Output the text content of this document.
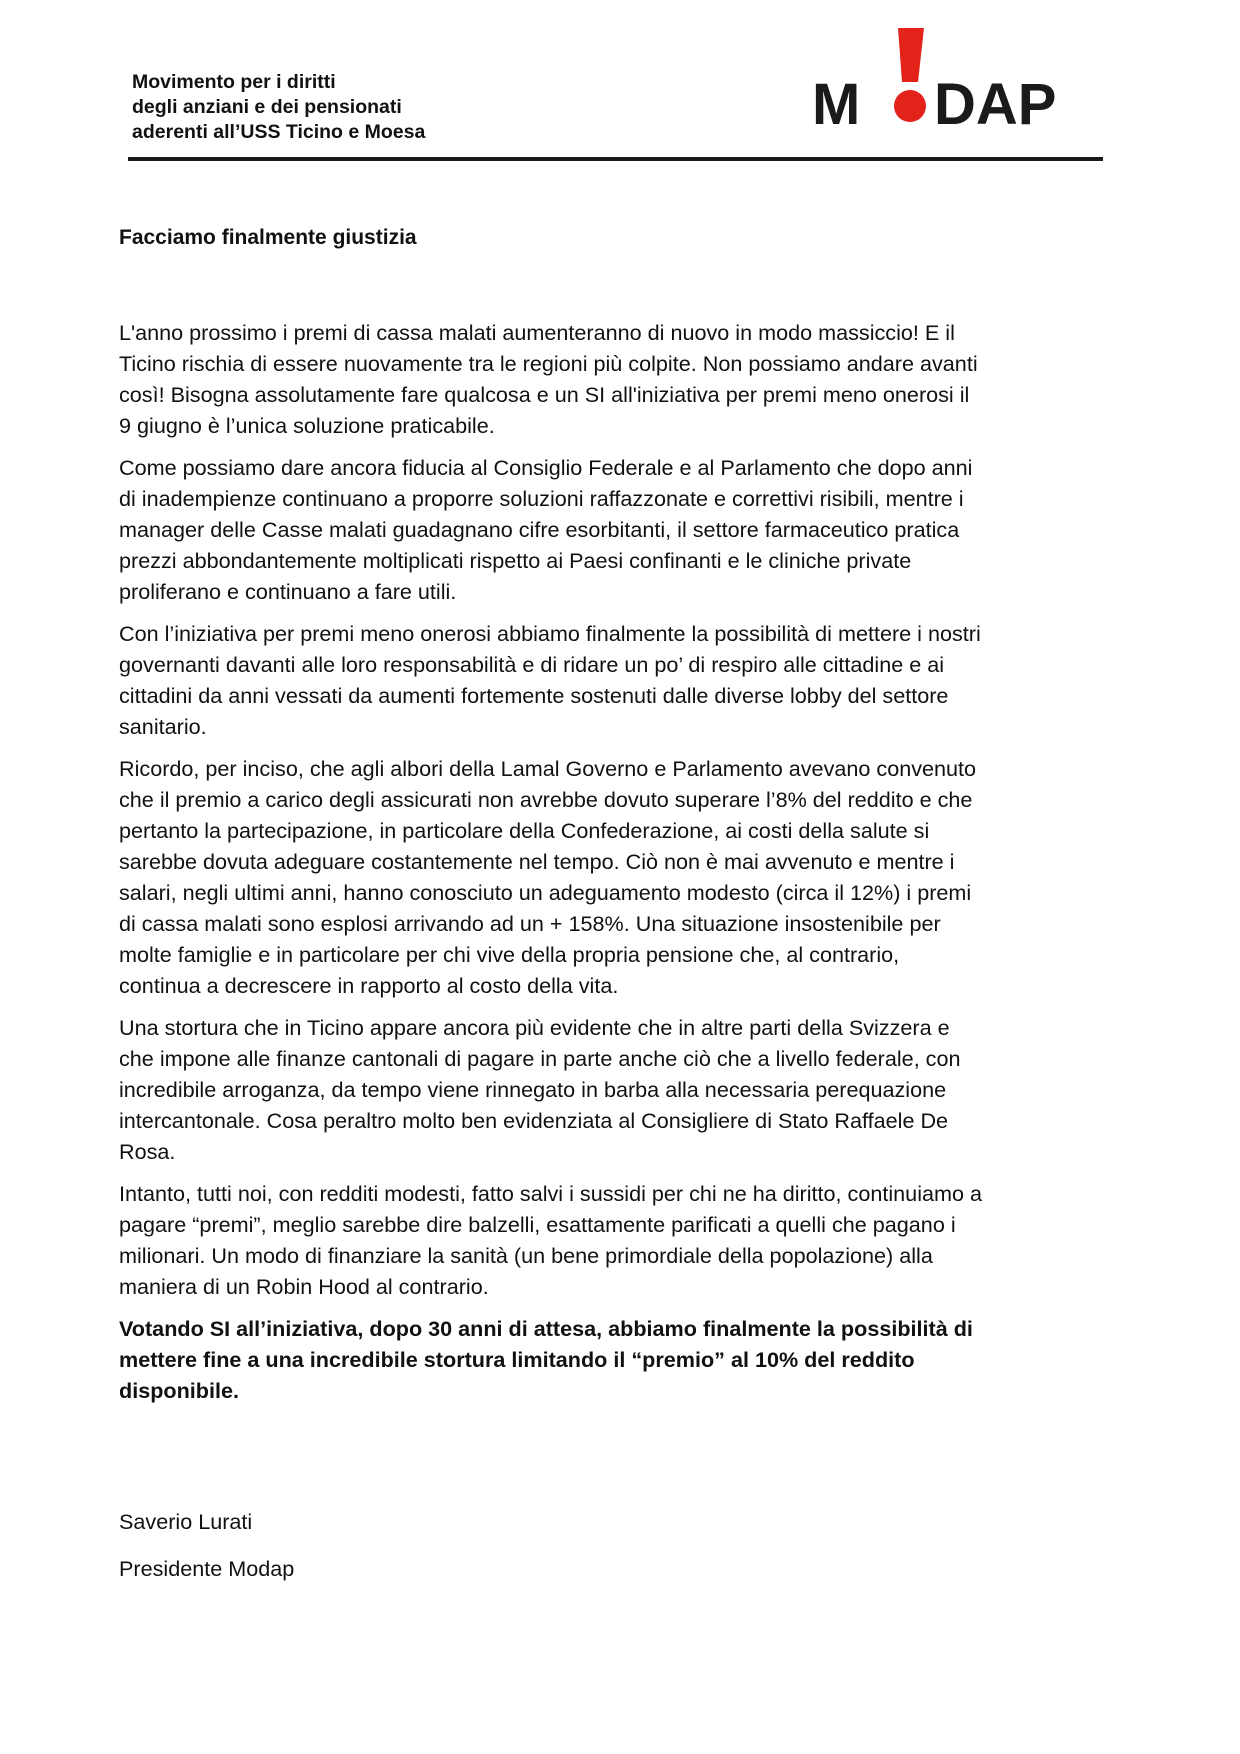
Movimento per i diritti
degli anziani e dei pensionati
aderenti all’USS Ticino e Moesa	M DAP
Facciamo finalmente giustizia

L'anno prossimo i premi di cassa malati aumenteranno di nuovo in modo massiccio! E il
Ticino rischia di essere nuovamente tra le regioni più colpite. Non possiamo andare avanti
così! Bisogna assolutamente fare qualcosa e un SI all'iniziativa per premi meno onerosi il
9 giugno è l’unica soluzione praticabile.

Come possiamo dare ancora fiducia al Consiglio Federale e al Parlamento che dopo anni
di inadempienze continuano a proporre soluzioni raffazzonate e correttivi risibili, mentre i
manager delle Casse malati guadagnano cifre esorbitanti, il settore farmaceutico pratica
prezzi abbondantemente moltiplicati rispetto ai Paesi confinanti e le cliniche private
proliferano e continuano a fare utili.

Con l’iniziativa per premi meno onerosi abbiamo finalmente la possibilità di mettere i nostri
governanti davanti alle loro responsabilità e di ridare un po’ di respiro alle cittadine e ai
cittadini da anni vessati da aumenti fortemente sostenuti dalle diverse lobby del settore
sanitario.

Ricordo, per inciso, che agli albori della Lamal Governo e Parlamento avevano convenuto
che il premio a carico degli assicurati non avrebbe dovuto superare l’8% del reddito e che
pertanto la partecipazione, in particolare della Confederazione, ai costi della salute si
sarebbe dovuta adeguare costantemente nel tempo. Ciò non è mai avvenuto e mentre i
salari, negli ultimi anni, hanno conosciuto un adeguamento modesto (circa il 12%) i premi
di cassa malati sono esplosi arrivando ad un + 158%. Una situazione insostenibile per
molte famiglie e in particolare per chi vive della propria pensione che, al contrario,
continua a decrescere in rapporto al costo della vita.

Una stortura che in Ticino appare ancora più evidente che in altre parti della Svizzera e
che impone alle finanze cantonali di pagare in parte anche ciò che a livello federale, con
incredibile arroganza, da tempo viene rinnegato in barba alla necessaria perequazione
intercantonale. Cosa peraltro molto ben evidenziata al Consigliere di Stato Raffaele De
Rosa.

Intanto, tutti noi, con redditi modesti, fatto salvi i sussidi per chi ne ha diritto, continuiamo a
pagare “premi”, meglio sarebbe dire balzelli, esattamente parificati a quelli che pagano i
milionari. Un modo di finanziare la sanità (un bene primordiale della popolazione) alla
maniera di un Robin Hood al contrario.

Votando SI all’iniziativa, dopo 30 anni di attesa, abbiamo finalmente la possibilità di
mettere fine a una incredibile stortura limitando il “premio” al 10% del reddito
disponibile.

Saverio Lurati
Presidente Modap
